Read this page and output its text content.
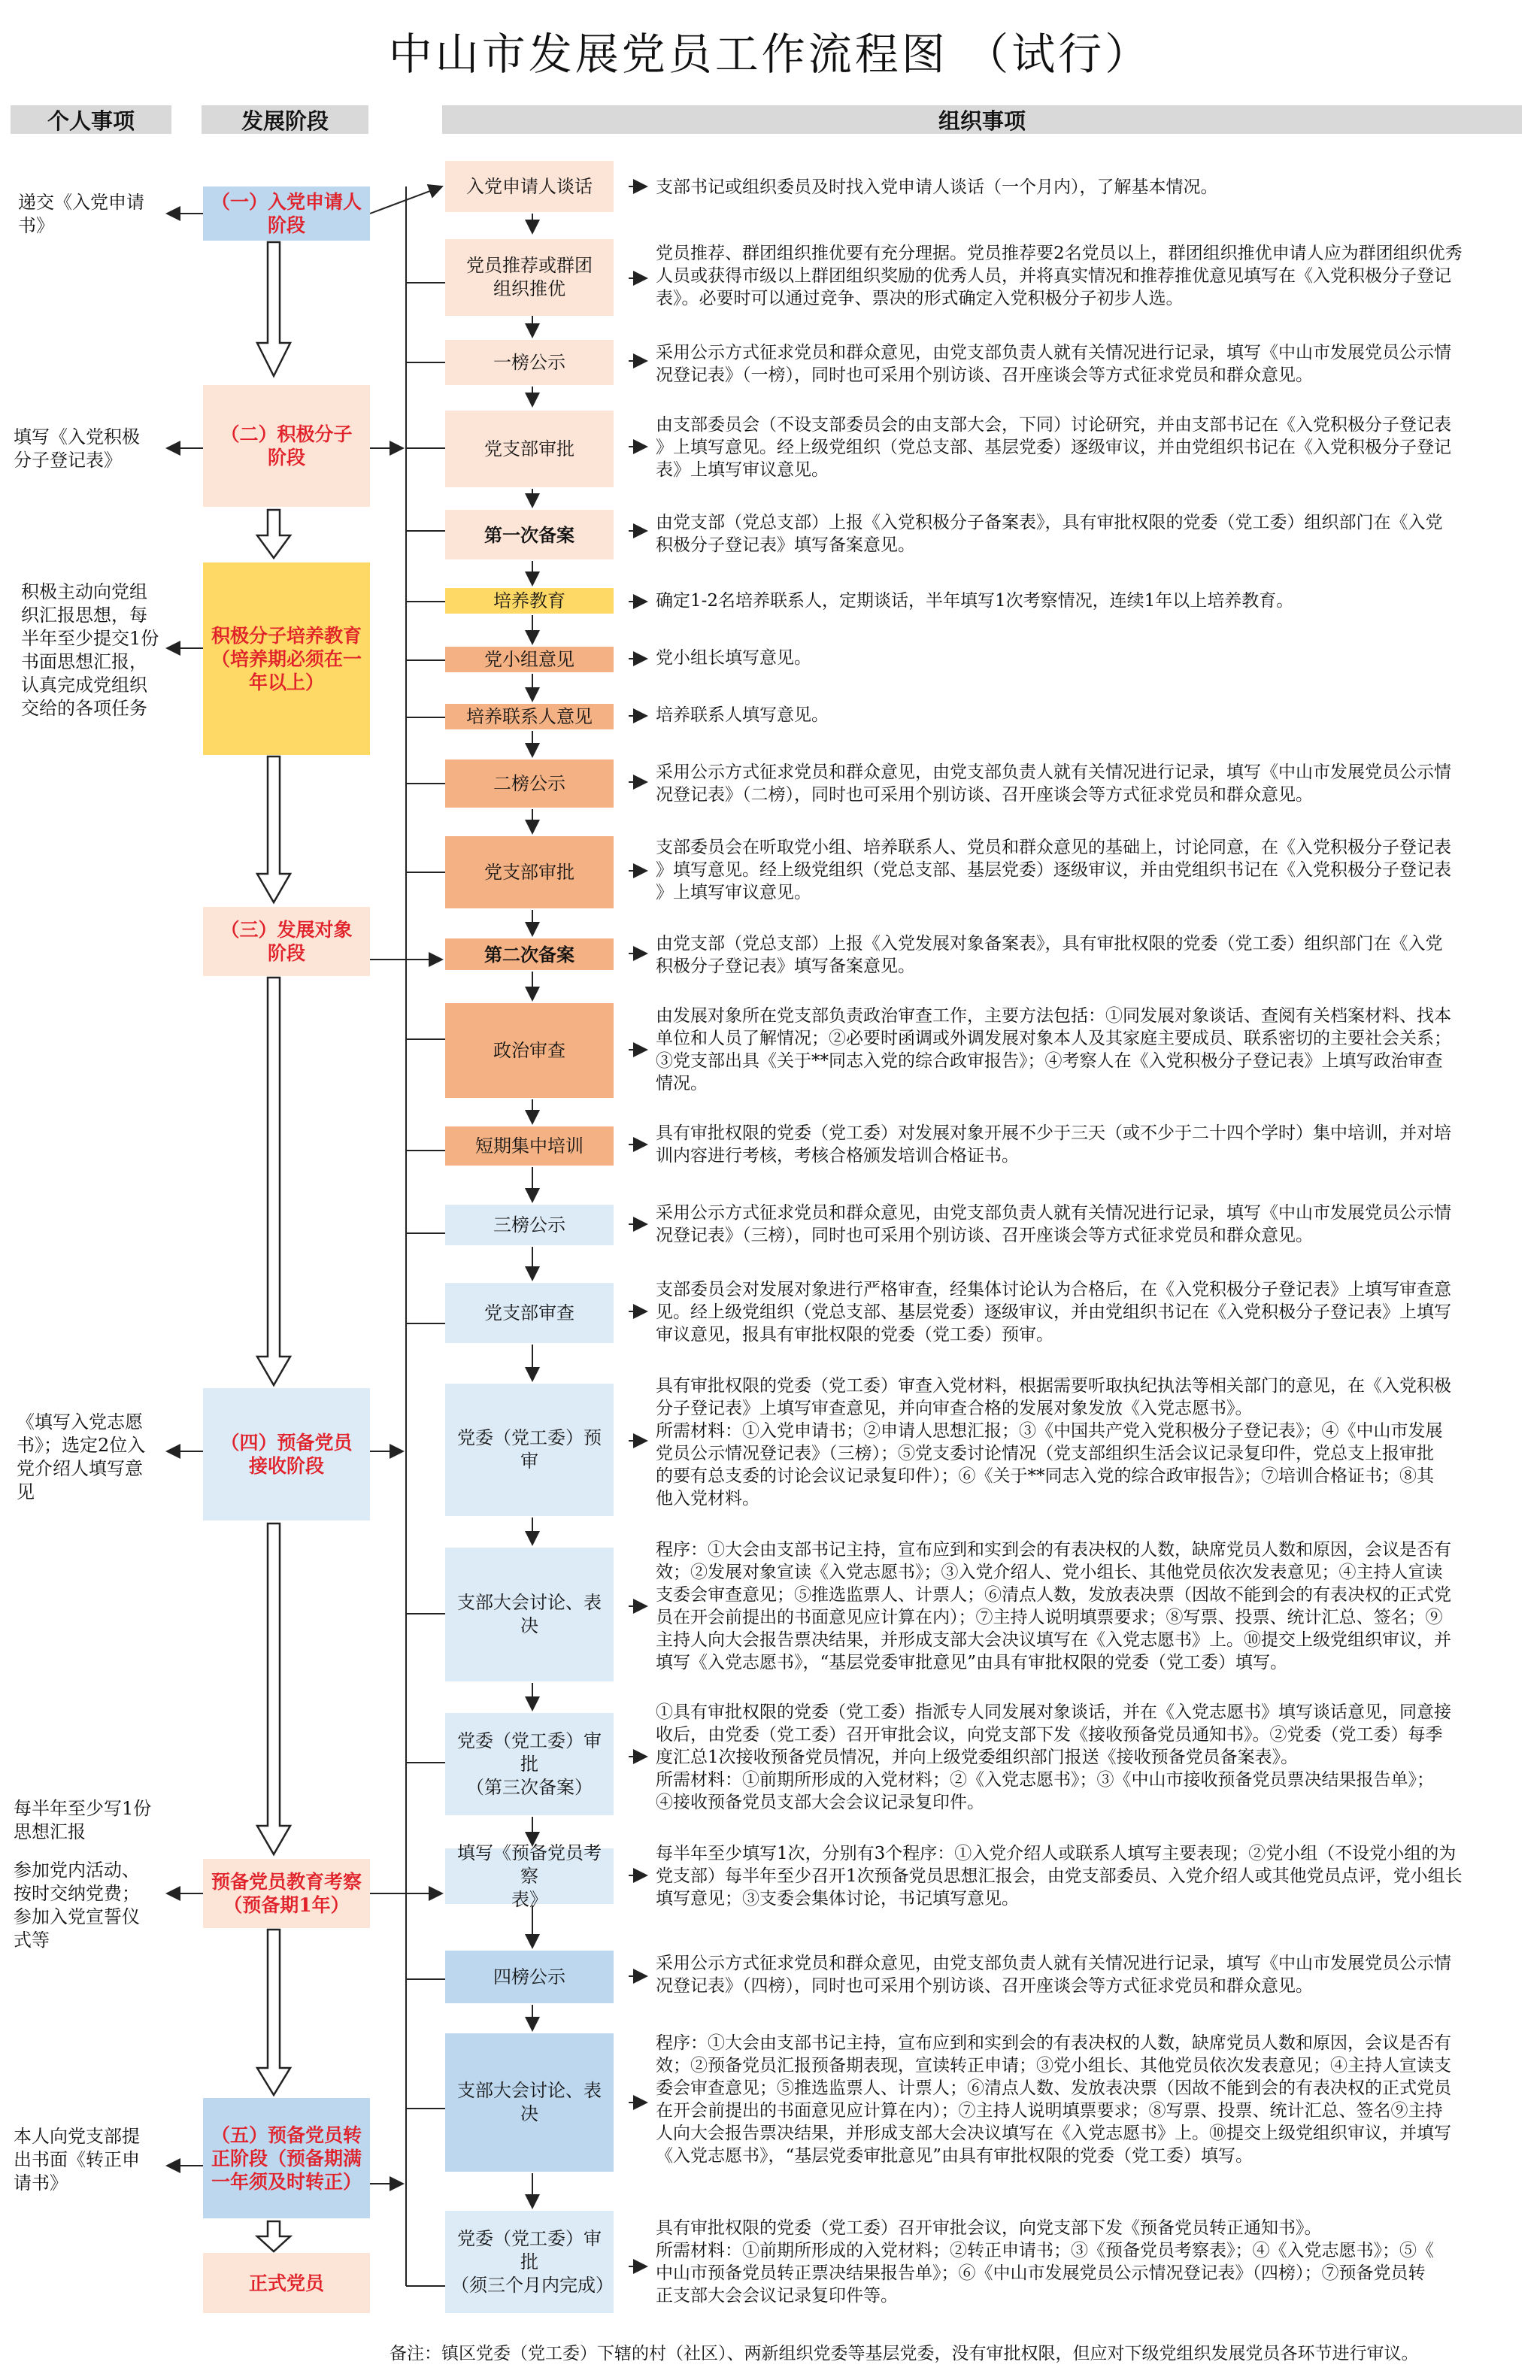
中山市发展党员工作流程图 （试行）
个人事项	发展阶段	组织事项
（一）入党申请人
阶段
（二）积极分子
阶段
积极分子培养教育
（培养期必须在一
年以上）
（三）发展对象
阶段
（四）预备党员
接收阶段
预备党员教育考察
（预备期1年）
（五）预备党员转
正阶段（预备期满
一年须及时转正）
正式党员
递交《入党申请
书》
填写《入党积极
分子登记表》
积极主动向党组
织汇报思想，每
半年至少提交1份
书面思想汇报，
认真完成党组织
交给的各项任务
《填写入党志愿
书》；选定2位入
党介绍人填写意
见
每半年至少写1份
思想汇报
参加党内活动、
按时交纳党费；
参加入党宣誓仪
式等
本人向党支部提
出书面《转正申
请书》
入党申请人谈话
党员推荐或群团
组织推优
一榜公示
党支部审批
第一次备案
培养教育
党小组意见
培养联系人意见
二榜公示
党支部审批
第二次备案
政治审查
短期集中培训
三榜公示
党支部审查
党委（党工委）预
审
支部大会讨论、表决
党委（党工委）审批
（第三次备案）
填写《预备党员考察
表》
四榜公示
支部大会讨论、表决
党委（党工委）审批
（须三个月内完成）
支部书记或组织委员及时找入党申请人谈话（一个月内），了解基本情况。
党员推荐、群团组织推优要有充分理据。党员推荐要2名党员以上，群团组织推优申请人应为群团组织优秀
人员或获得市级以上群团组织奖励的优秀人员，并将真实情况和推荐推优意见填写在《入党积极分子登记
表》。必要时可以通过竞争、票决的形式确定入党积极分子初步人选。
采用公示方式征求党员和群众意见，由党支部负责人就有关情况进行记录，填写《中山市发展党员公示情
况登记表》（一榜），同时也可采用个别访谈、召开座谈会等方式征求党员和群众意见。
由支部委员会（不设支部委员会的由支部大会，下同）讨论研究，并由支部书记在《入党积极分子登记表
》上填写意见。经上级党组织（党总支部、基层党委）逐级审议，并由党组织书记在《入党积极分子登记
表》上填写审议意见。
由党支部（党总支部）上报《入党积极分子备案表》，具有审批权限的党委（党工委）组织部门在《入党
积极分子登记表》填写备案意见。
确定1-2名培养联系人，定期谈话，半年填写1次考察情况，连续1年以上培养教育。
党小组长填写意见。
培养联系人填写意见。
采用公示方式征求党员和群众意见，由党支部负责人就有关情况进行记录，填写《中山市发展党员公示情
况登记表》（二榜），同时也可采用个别访谈、召开座谈会等方式征求党员和群众意见。
支部委员会在听取党小组、培养联系人、党员和群众意见的基础上，讨论同意，在《入党积极分子登记表
》填写意见。经上级党组织（党总支部、基层党委）逐级审议，并由党组织书记在《入党积极分子登记表
》上填写审议意见。
由党支部（党总支部）上报《入党发展对象备案表》，具有审批权限的党委（党工委）组织部门在《入党
积极分子登记表》填写备案意见。
由发展对象所在党支部负责政治审查工作，主要方法包括：①同发展对象谈话、查阅有关档案材料、找本
单位和人员了解情况；②必要时函调或外调发展对象本人及其家庭主要成员、联系密切的主要社会关系；
③党支部出具《关于**同志入党的综合政审报告》；④考察人在《入党积极分子登记表》上填写政治审查
情况。
具有审批权限的党委（党工委）对发展对象开展不少于三天（或不少于二十四个学时）集中培训，并对培
训内容进行考核，考核合格颁发培训合格证书。
采用公示方式征求党员和群众意见，由党支部负责人就有关情况进行记录，填写《中山市发展党员公示情
况登记表》（三榜），同时也可采用个别访谈、召开座谈会等方式征求党员和群众意见。
支部委员会对发展对象进行严格审查，经集体讨论认为合格后，在《入党积极分子登记表》上填写审查意
见。经上级党组织（党总支部、基层党委）逐级审议，并由党组织书记在《入党积极分子登记表》上填写
审议意见，报具有审批权限的党委（党工委）预审。
具有审批权限的党委（党工委）审查入党材料，根据需要听取执纪执法等相关部门的意见，在《入党积极
分子登记表》上填写审查意见，并向审查合格的发展对象发放《入党志愿书》。
所需材料：①入党申请书；②申请人思想汇报；③《中国共产党入党积极分子登记表》；④《中山市发展
党员公示情况登记表》（三榜）；⑤党支委讨论情况（党支部组织生活会议记录复印件，党总支上报审批
的要有总支委的讨论会议记录复印件）；⑥《关于**同志入党的综合政审报告》；⑦培训合格证书；⑧其
他入党材料。
程序：①大会由支部书记主持，宣布应到和实到会的有表决权的人数，缺席党员人数和原因，会议是否有
效；②发展对象宣读《入党志愿书》；③入党介绍人、党小组长、其他党员依次发表意见；④主持人宣读
支委会审查意见；⑤推选监票人、计票人；⑥清点人数，发放表决票（因故不能到会的有表决权的正式党
员在开会前提出的书面意见应计算在内）；⑦主持人说明填票要求；⑧写票、投票、统计汇总、签名；⑨
主持人向大会报告票决结果，并形成支部大会决议填写在《入党志愿书》上。⑩提交上级党组织审议，并
填写《入党志愿书》，“基层党委审批意见”由具有审批权限的党委（党工委）填写。
①具有审批权限的党委（党工委）指派专人同发展对象谈话，并在《入党志愿书》填写谈话意见，同意接
收后，由党委（党工委）召开审批会议，向党支部下发《接收预备党员通知书》。②党委（党工委）每季
度汇总1次接收预备党员情况，并向上级党委组织部门报送《接收预备党员备案表》。
所需材料：①前期所形成的入党材料；②《入党志愿书》；③《中山市接收预备党员票决结果报告单》；
④接收预备党员支部大会会议记录复印件。
每半年至少填写1次，分别有3个程序：①入党介绍人或联系人填写主要表现；②党小组（不设党小组的为
党支部）每半年至少召开1次预备党员思想汇报会，由党支部委员、入党介绍人或其他党员点评，党小组长
填写意见；③支委会集体讨论，书记填写意见。
采用公示方式征求党员和群众意见，由党支部负责人就有关情况进行记录，填写《中山市发展党员公示情
况登记表》（四榜），同时也可采用个别访谈、召开座谈会等方式征求党员和群众意见。
程序：①大会由支部书记主持，宣布应到和实到会的有表决权的人数，缺席党员人数和原因，会议是否有
效；②预备党员汇报预备期表现，宣读转正申请；③党小组长、其他党员依次发表意见；④主持人宣读支
委会审查意见；⑤推选监票人、计票人；⑥清点人数、发放表决票（因故不能到会的有表决权的正式党员
在开会前提出的书面意见应计算在内）；⑦主持人说明填票要求；⑧写票、投票、统计汇总、签名⑨主持
人向大会报告票决结果，并形成支部大会决议填写在《入党志愿书》上。⑩提交上级党组织审议，并填写
《入党志愿书》，“基层党委审批意见”由具有审批权限的党委（党工委）填写。
具有审批权限的党委（党工委）召开审批会议，向党支部下发《预备党员转正通知书》。
所需材料：①前期所形成的入党材料；②转正申请书；③《预备党员考察表》；④《入党志愿书》；⑤《
中山市预备党员转正票决结果报告单》；⑥《中山市发展党员公示情况登记表》（四榜）；⑦预备党员转
正支部大会会议记录复印件等。
备注：镇区党委（党工委）下辖的村（社区）、两新组织党委等基层党委，没有审批权限，但应对下级党组织发展党员各环节进行审议。
